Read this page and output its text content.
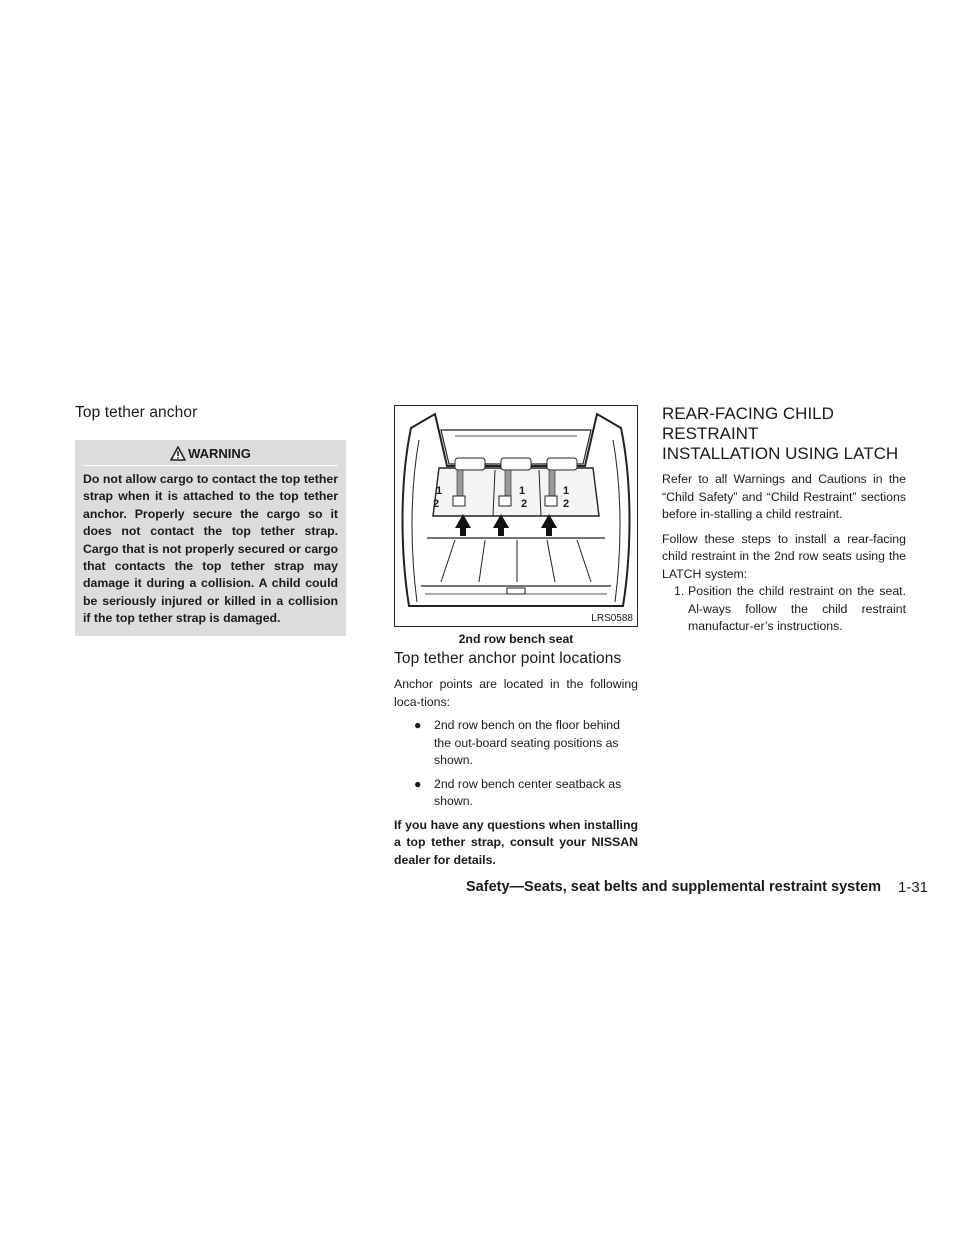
Top tether anchor
WARNING
Do not allow cargo to contact the top tether strap when it is attached to the top tether anchor. Properly secure the cargo so it does not contact the top tether strap. Cargo that is not properly secured or cargo that contacts the top tether strap may damage it during a collision. A child could be seriously injured or killed in a collision if the top tether strap is damaged.
1
2
1
2
1
2
LRS0588
2nd row bench seat
Top tether anchor point locations

Anchor points are located in the following loca-tions:

●	2nd row bench on the floor behind the out-board seating positions as shown.
●	2nd row bench center seatback as shown.

If you have any questions when installing a top tether strap, consult your NISSAN dealer for details.

REAR-FACING CHILD RESTRAINT
INSTALLATION USING LATCH

Refer to all Warnings and Cautions in the “Child Safety” and “Child Restraint” sections before in-stalling a child restraint.

Follow these steps to install a rear-facing child restraint in the 2nd row seats using the LATCH system:

1. Position the child restraint on the seat. Al-ways follow the child restraint manufactur-er’s instructions.
Safety—Seats, seat belts and supplemental restraint system 1-31
